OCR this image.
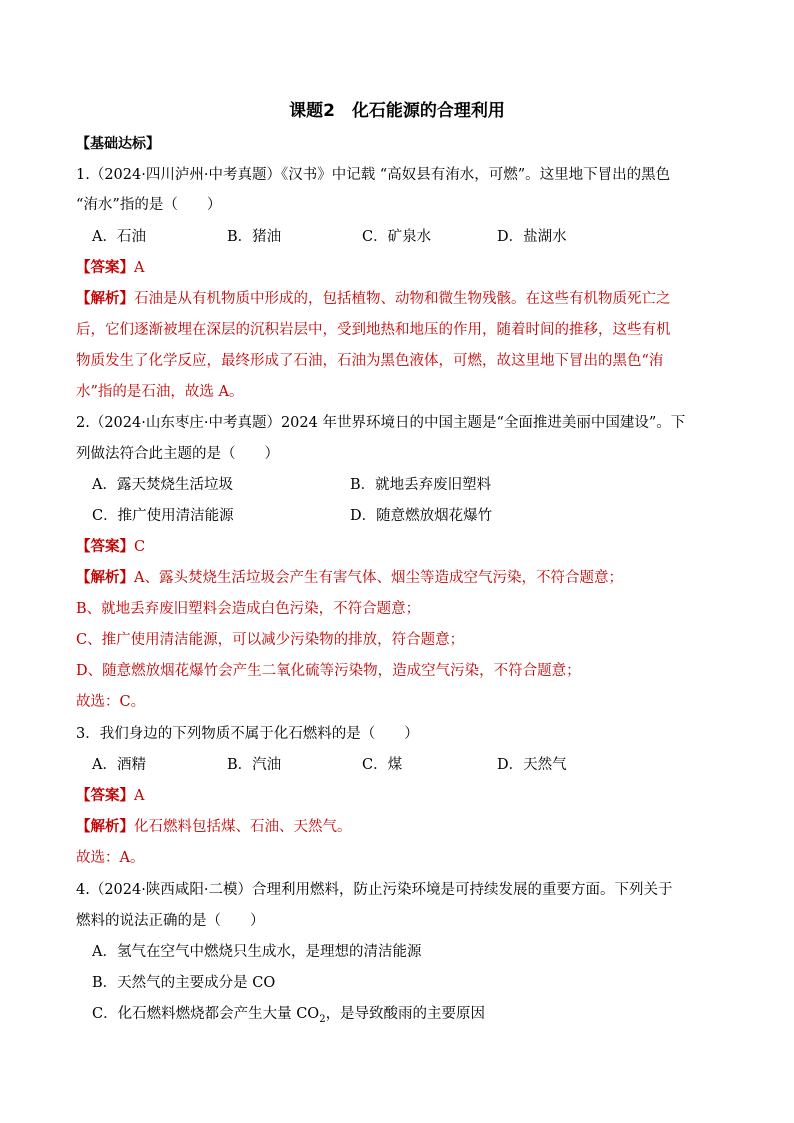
课题2　化石能源的合理利用
【基础达标】
1.（2024·四川泸州·中考真题）《汉书》中记载 “高奴县有洧水，可燃”。这里地下冒出的黑色
“洧水”指的是（　　）
A．石油	B．猪油	C．矿泉水	D．盐湖水
【答案】A
【解析】石油是从有机物质中形成的，包括植物、动物和微生物残骸。在这些有机物质死亡之
后，它们逐渐被埋在深层的沉积岩层中，受到地热和地压的作用，随着时间的推移，这些有机
物质发生了化学反应，最终形成了石油，石油为黑色液体，可燃，故这里地下冒出的黑色“洧
水”指的是石油，故选 A。
2.（2024·山东枣庄·中考真题）2024 年世界环境日的中国主题是“全面推进美丽中国建设”。下
列做法符合此主题的是（　　）
A．露天焚烧生活垃圾	B．就地丢弃废旧塑料
C．推广使用清洁能源	D．随意燃放烟花爆竹
【答案】C
【解析】A、露头焚烧生活垃圾会产生有害气体、烟尘等造成空气污染，不符合题意；
B、就地丢弃废旧塑料会造成白色污染，不符合题意；
C、推广使用清洁能源，可以减少污染物的排放，符合题意；
D、随意燃放烟花爆竹会产生二氧化硫等污染物，造成空气污染，不符合题意；
故选：C。
3．我们身边的下列物质不属于化石燃料的是（　　）
A．酒精	B．汽油	C．煤	D．天然气
【答案】A
【解析】化石燃料包括煤、石油、天然气。
故选：A。
4.（2024·陕西咸阳·二模）合理利用燃料，防止污染环境是可持续发展的重要方面。下列关于
燃料的说法正确的是（　　）
A．氢气在空气中燃烧只生成水，是理想的清洁能源
B．天然气的主要成分是 CO
C．化石燃料燃烧都会产生大量 $CO_2$，是导致酸雨的主要原因
